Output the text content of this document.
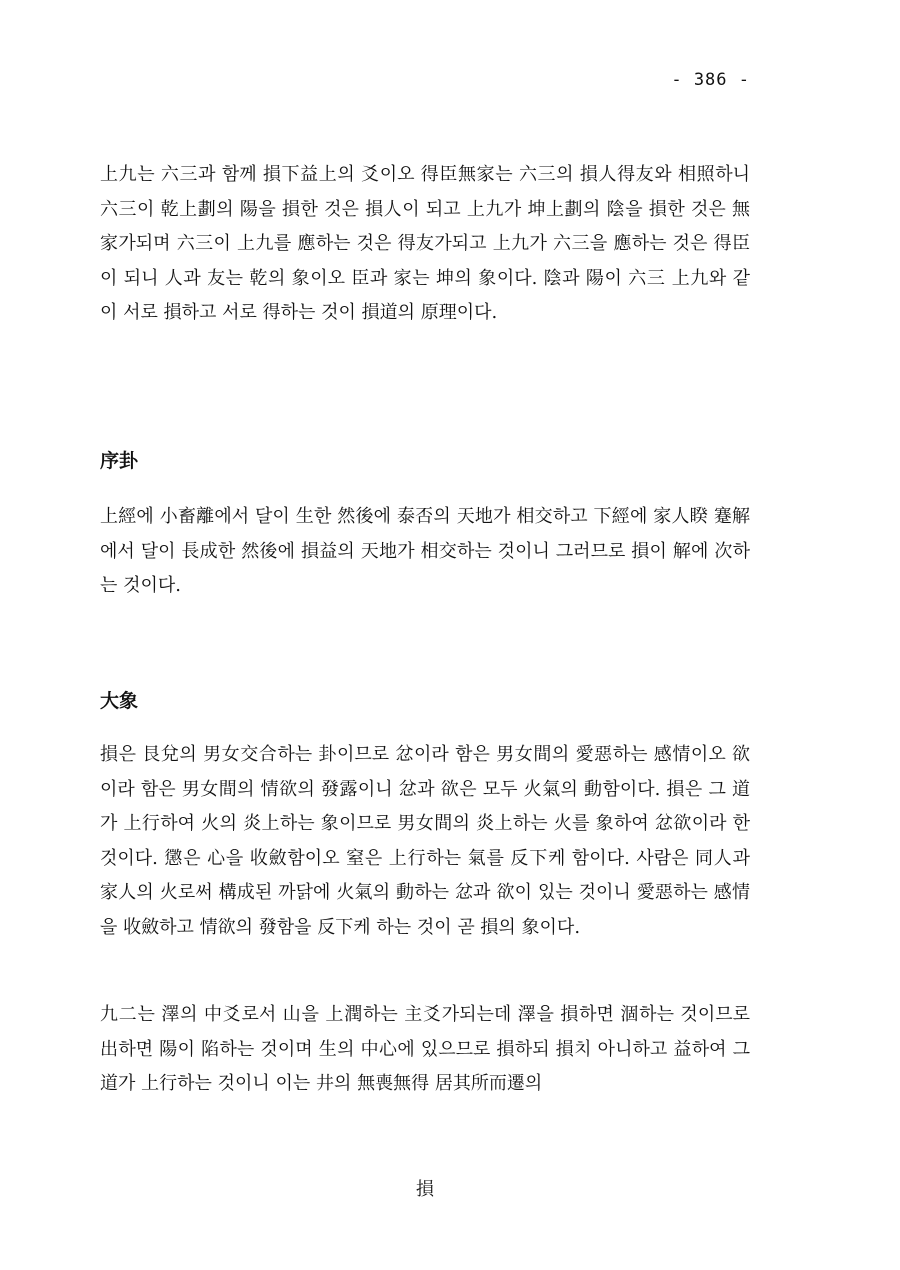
- 386 -

上九는 六三과 함께 損下益上의 爻이오 得臣無家는 六三의 損人得友와 相照하니 六三이 乾上劃의 陽을 損한 것은 損人이 되고 上九가 坤上劃의 陰을 損한 것은 無家가되며 六三이 上九를 應하는 것은 得友가되고 上九가 六三을 應하는 것은 得臣이 되니 人과 友는 乾의 象이오 臣과 家는 坤의 象이다. 陰과 陽이 六三 上九와 같이 서로 損하고 서로 得하는 것이 損道의 原理이다.

序卦

上經에 小畜離에서 달이 生한 然後에 泰否의 天地가 相交하고 下經에 家人睽 蹇解에서 달이 長成한 然後에 損益의 天地가 相交하는 것이니 그러므로 損이 解에 次하는 것이다.

大象

損은 艮兌의 男女交合하는 卦이므로 忿이라 함은 男女間의 愛惡하는 感情이오 欲이라 함은 男女間의 情欲의 發露이니 忿과 欲은 모두 火氣의 動함이다. 損은 그 道가 上行하여 火의 炎上하는 象이므로 男女間의 炎上하는 火를 象하여 忿欲이라 한 것이다. 懲은 心을 收斂함이오 窒은 上行하는 氣를 反下케 함이다. 사람은 同人과 家人의 火로써 構成된 까닭에 火氣의 動하는 忿과 欲이 있는 것이니 愛惡하는 感情을 收斂하고 情欲의 發함을 反下케 하는 것이 곧 損의 象이다.

九二는 澤의 中爻로서 山을 上潤하는 主爻가되는데 澤을 損하면 涸하는 것이므로 出하면 陽이 陷하는 것이며 生의 中心에 있으므로 損하되 損치 아니하고 益하여 그 道가 上行하는 것이니 이는 井의 無喪無得 居其所而遷의

損
